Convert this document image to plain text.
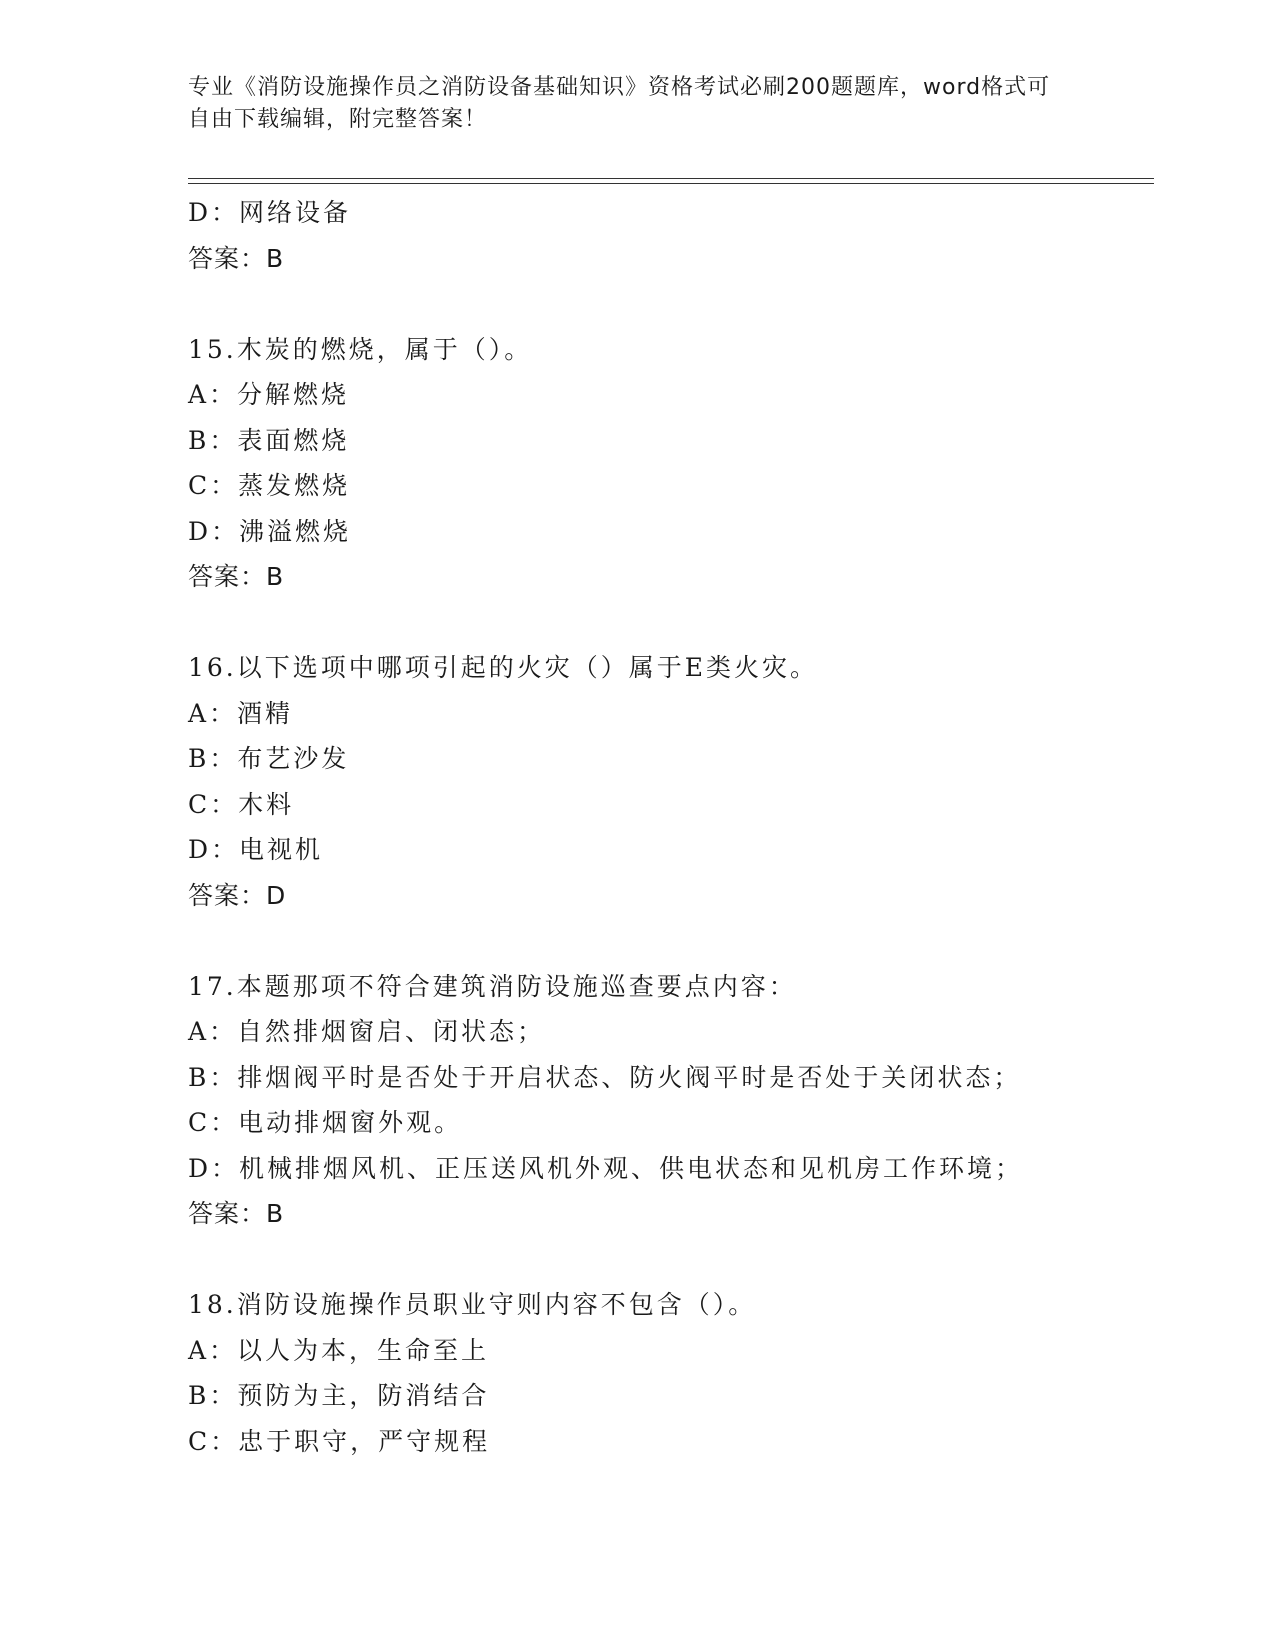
专业《消防设施操作员之消防设备基础知识》资格考试必刷200题题库，word格式可自由下载编辑，附完整答案！
D：网络设备
答案：B
15.木炭的燃烧，属于（）。
A：分解燃烧
B：表面燃烧
C：蒸发燃烧
D：沸溢燃烧
答案：B
16.以下选项中哪项引起的火灾（）属于E类火灾。
A：酒精
B：布艺沙发
C：木料
D：电视机
答案：D
17.本题那项不符合建筑消防设施巡查要点内容：
A：自然排烟窗启、闭状态；
B：排烟阀平时是否处于开启状态、防火阀平时是否处于关闭状态；
C：电动排烟窗外观。
D：机械排烟风机、正压送风机外观、供电状态和见机房工作环境；
答案：B
18.消防设施操作员职业守则内容不包含（）。
A：以人为本，生命至上
B：预防为主，防消结合
C：忠于职守，严守规程
